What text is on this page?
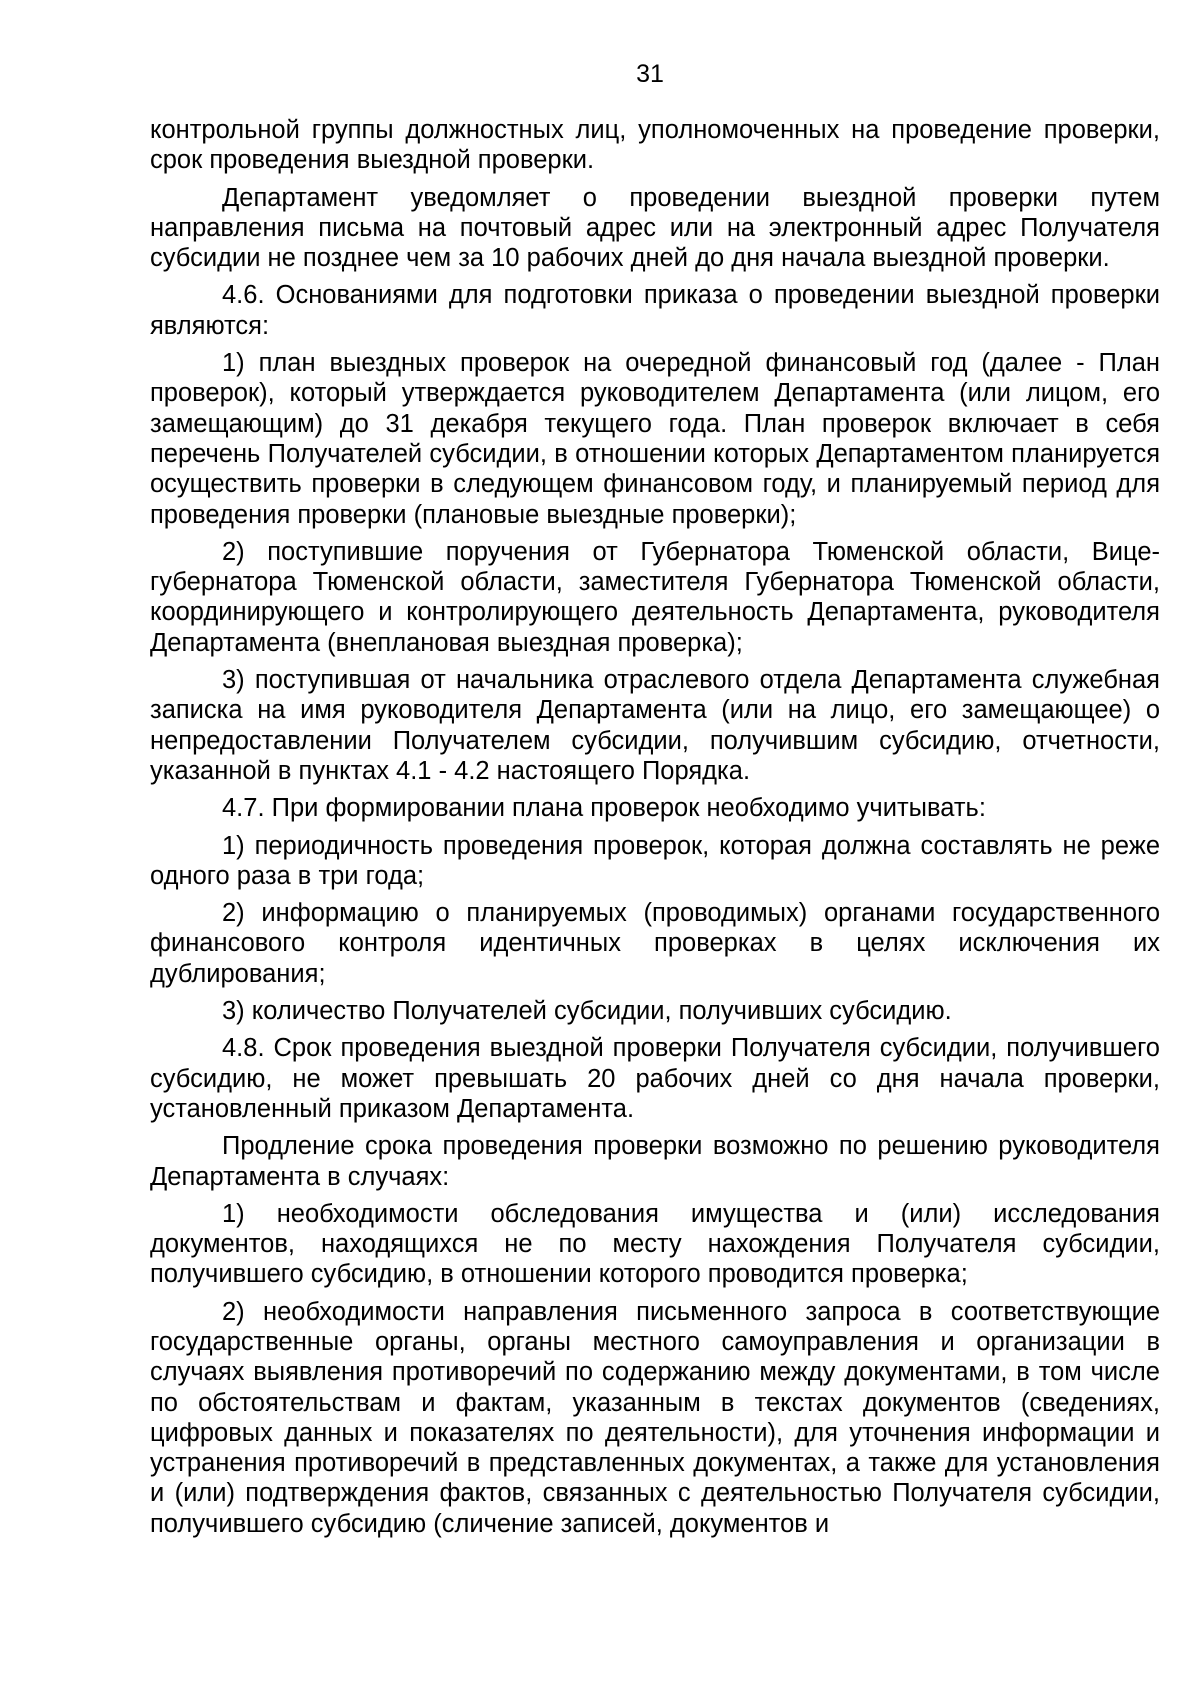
31

контрольной группы должностных лиц, уполномоченных на проведение проверки, срок проведения выездной проверки.

Департамент уведомляет о проведении выездной проверки путем направления письма на почтовый адрес или на электронный адрес Получателя субсидии не позднее чем за 10 рабочих дней до дня начала выездной проверки.

4.6. Основаниями для подготовки приказа о проведении выездной проверки являются:

1) план выездных проверок на очередной финансовый год (далее - План проверок), который утверждается руководителем Департамента (или лицом, его замещающим) до 31 декабря текущего года. План проверок включает в себя перечень Получателей субсидии, в отношении которых Департаментом планируется осуществить проверки в следующем финансовом году, и планируемый период для проведения проверки (плановые выездные проверки);

2) поступившие поручения от Губернатора Тюменской области, Вице-губернатора Тюменской области, заместителя Губернатора Тюменской области, координирующего и контролирующего деятельность Департамента, руководителя Департамента (внеплановая выездная проверка);

3) поступившая от начальника отраслевого отдела Департамента служебная записка на имя руководителя Департамента (или на лицо, его замещающее) о непредоставлении Получателем субсидии, получившим субсидию, отчетности, указанной в пунктах 4.1 - 4.2 настоящего Порядка.

4.7. При формировании плана проверок необходимо учитывать:

1) периодичность проведения проверок, которая должна составлять не реже одного раза в три года;

2) информацию о планируемых (проводимых) органами государственного финансового контроля идентичных проверках в целях исключения их дублирования;

3) количество Получателей субсидии, получивших субсидию.

4.8. Срок проведения выездной проверки Получателя субсидии, получившего субсидию, не может превышать 20 рабочих дней со дня начала проверки, установленный приказом Департамента.

Продление срока проведения проверки возможно по решению руководителя Департамента в случаях:

1) необходимости обследования имущества и (или) исследования документов, находящихся не по месту нахождения Получателя субсидии, получившего субсидию, в отношении которого проводится проверка;

2) необходимости направления письменного запроса в соответствующие государственные органы, органы местного самоуправления и организации в случаях выявления противоречий по содержанию между документами, в том числе по обстоятельствам и фактам, указанным в текстах документов (сведениях, цифровых данных и показателях по деятельности), для уточнения информации и устранения противоречий в представленных документах, а также для установления и (или) подтверждения фактов, связанных с деятельностью Получателя субсидии, получившего субсидию (сличение записей, документов и
